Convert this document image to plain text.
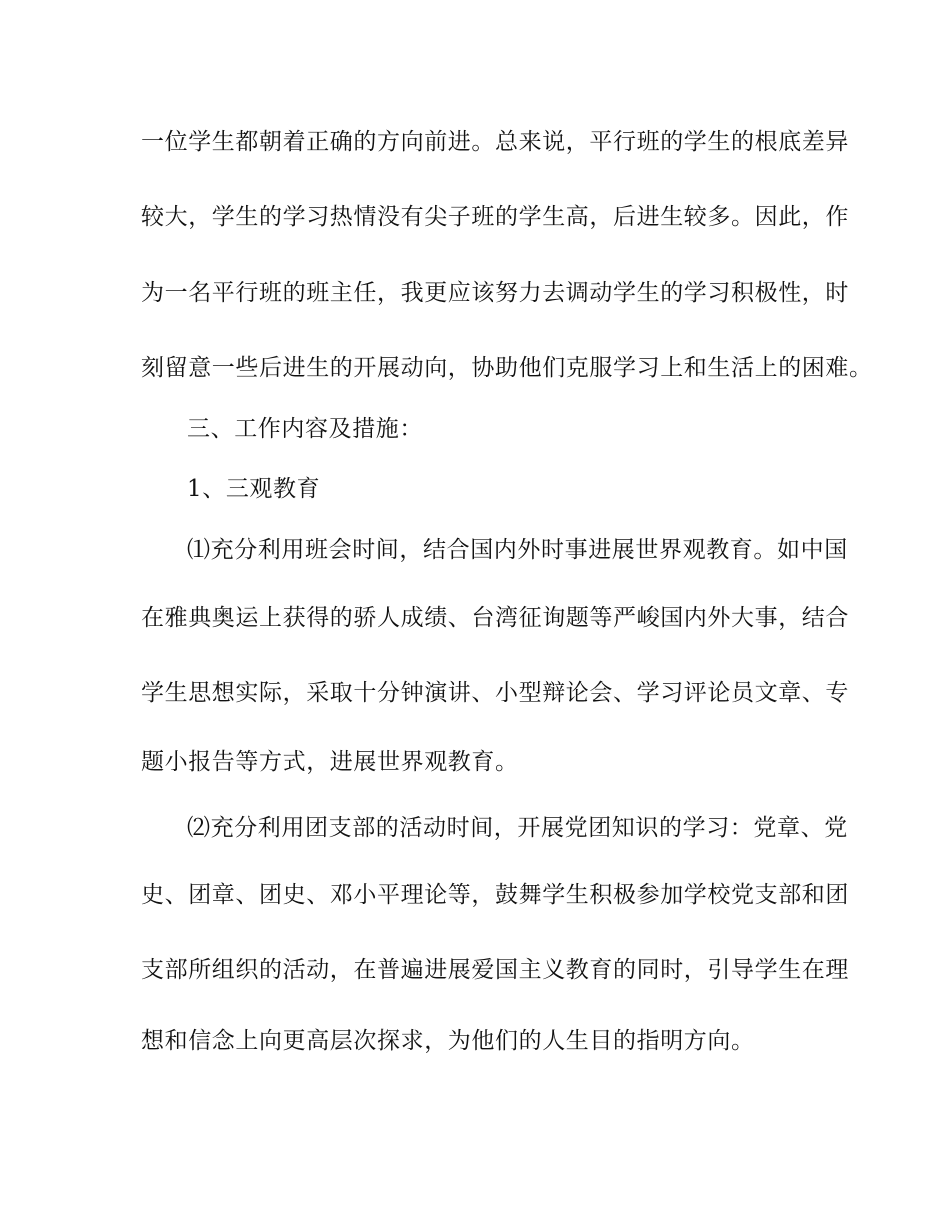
一位学生都朝着正确的方向前进。总来说，平行班的学生的根底差异
较大，学生的学习热情没有尖子班的学生高，后进生较多。因此，作
为一名平行班的班主任，我更应该努力去调动学生的学习积极性，时
刻留意一些后进生的开展动向，协助他们克服学习上和生活上的困难。
三、工作内容及措施：
1、三观教育
⑴充分利用班会时间，结合国内外时事进展世界观教育。如中国
在雅典奥运上获得的骄人成绩、台湾征询题等严峻国内外大事，结合
学生思想实际，采取十分钟演讲、小型辩论会、学习评论员文章、专
题小报告等方式，进展世界观教育。
⑵充分利用团支部的活动时间，开展党团知识的学习：党章、党
史、团章、团史、邓小平理论等，鼓舞学生积极参加学校党支部和团
支部所组织的活动，在普遍进展爱国主义教育的同时，引导学生在理
想和信念上向更高层次探求，为他们的人生目的指明方向。
